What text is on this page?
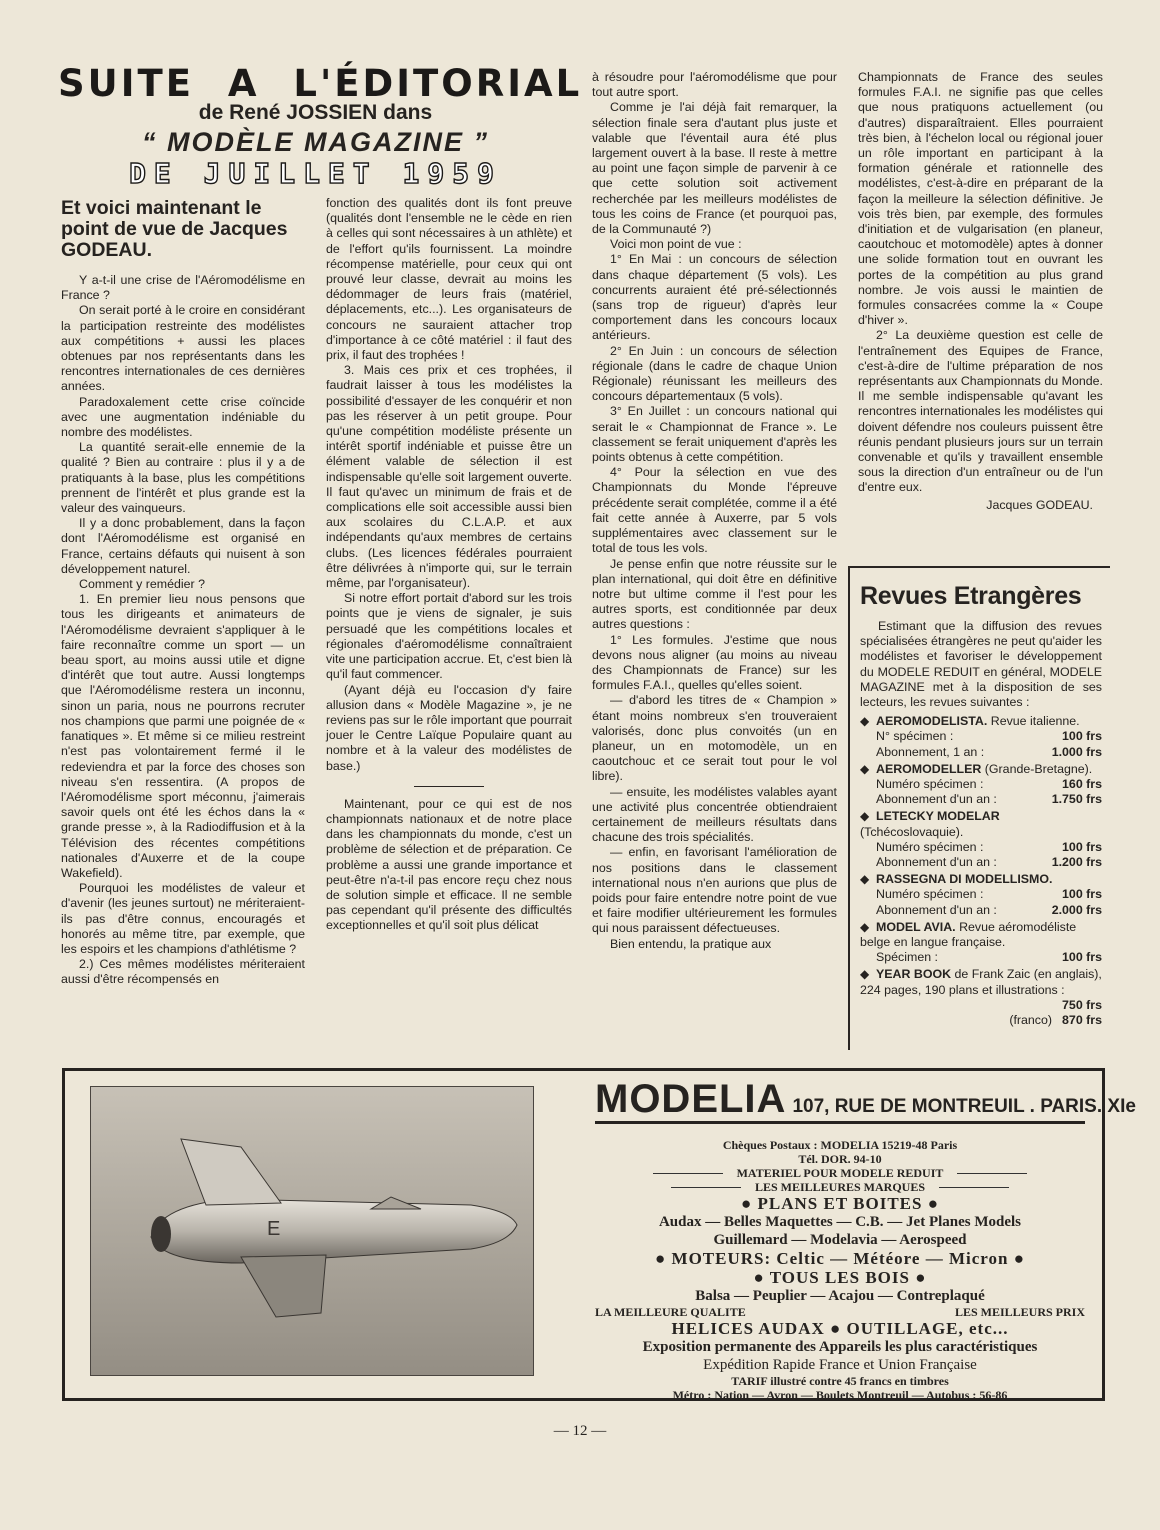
SUITE A L'ÉDITORIAL
de René JOSSIEN dans
“ MODÈLE MAGAZINE ”
DE JUILLET 1959
Et voici maintenant le point de vue de Jacques GODEAU.

Y a-t-il une crise de l'Aéromodélisme en France ?

On serait porté à le croire en considérant la participation restreinte des modélistes aux compétitions + aussi les places obtenues par nos représentants dans les rencontres internationales de ces dernières années.

Paradoxalement cette crise coïncide avec une augmentation indéniable du nombre des modélistes.

La quantité serait-elle ennemie de la qualité ? Bien au contraire : plus il y a de pratiquants à la base, plus les compétitions prennent de l'intérêt et plus grande est la valeur des vainqueurs.

Il y a donc probablement, dans la façon dont l'Aéromodélisme est organisé en France, certains défauts qui nuisent à son développement naturel.

Comment y remédier ?

1. En premier lieu nous pensons que tous les dirigeants et animateurs de l'Aéromodélisme devraient s'appliquer à le faire reconnaître comme un sport — un beau sport, au moins aussi utile et digne d'intérêt que tout autre. Aussi longtemps que l'Aéromodélisme restera un inconnu, sinon un paria, nous ne pourrons recruter nos champions que parmi une poignée de « fanatiques ». Et même si ce milieu restreint n'est pas volontairement fermé il le redeviendra et par la force des choses son niveau s'en ressentira. (A propos de l'Aéromodélisme sport méconnu, j'aimerais savoir quels ont été les échos dans la « grande presse », à la Radiodiffusion et à la Télévision des récentes compétitions nationales d'Auxerre et de la coupe Wakefield).

Pourquoi les modélistes de valeur et d'avenir (les jeunes surtout) ne mériteraient-ils pas d'être connus, encouragés et honorés au même titre, par exemple, que les espoirs et les champions d'athlétisme ?

2.) Ces mêmes modélistes mériteraient aussi d'être récompensés en

fonction des qualités dont ils font preuve (qualités dont l'ensemble ne le cède en rien à celles qui sont nécessaires à un athlète) et de l'effort qu'ils fournissent. La moindre récompense matérielle, pour ceux qui ont prouvé leur classe, devrait au moins les dédommager de leurs frais (matériel, déplacements, etc...). Les organisateurs de concours ne sauraient attacher trop d'importance à ce côté matériel : il faut des prix, il faut des trophées !

3. Mais ces prix et ces trophées, il faudrait laisser à tous les modélistes la possibilité d'essayer de les conquérir et non pas les réserver à un petit groupe. Pour qu'une compétition modéliste présente un intérêt sportif indéniable et puisse être un élément valable de sélection il est indispensable qu'elle soit largement ouverte. Il faut qu'avec un minimum de frais et de complications elle soit accessible aussi bien aux scolaires du C.L.A.P. et aux indépendants qu'aux membres de certains clubs. (Les licences fédérales pourraient être délivrées à n'importe qui, sur le terrain même, par l'organisateur).

Si notre effort portait d'abord sur les trois points que je viens de signaler, je suis persuadé que les compétitions locales et régionales d'aéromodélisme connaîtraient vite une participation accrue. Et, c'est bien là qu'il faut commencer.

(Ayant déjà eu l'occasion d'y faire allusion dans « Modèle Magazine », je ne reviens pas sur le rôle important que pourrait jouer le Centre Laïque Populaire quant au nombre et à la valeur des modélistes de base.)

Maintenant, pour ce qui est de nos championnats nationaux et de notre place dans les championnats du monde, c'est un problème de sélection et de préparation. Ce problème a aussi une grande importance et peut-être n'a-t-il pas encore reçu chez nous de solution simple et efficace. Il ne semble pas cependant qu'il présente des difficultés exceptionnelles et qu'il soit plus délicat

à résoudre pour l'aéromodélisme que pour tout autre sport.

Comme je l'ai déjà fait remarquer, la sélection finale sera d'autant plus juste et valable que l'éventail aura été plus largement ouvert à la base. Il reste à mettre au point une façon simple de parvenir à ce que cette solution soit activement recherchée par les meilleurs modélistes de tous les coins de France (et pourquoi pas, de la Communauté ?)

Voici mon point de vue :

1° En Mai : un concours de sélection dans chaque département (5 vols). Les concurrents auraient été pré-sélectionnés (sans trop de rigueur) d'après leur comportement dans les concours locaux antérieurs.

2° En Juin : un concours de sélection régionale (dans le cadre de chaque Union Régionale) réunissant les meilleurs des concours départementaux (5 vols).

3° En Juillet : un concours national qui serait le « Championnat de France ». Le classement se ferait uniquement d'après les points obtenus à cette compétition.

4° Pour la sélection en vue des Championnats du Monde l'épreuve précédente serait complétée, comme il a été fait cette année à Auxerre, par 5 vols supplémentaires avec classement sur le total de tous les vols.

Je pense enfin que notre réussite sur le plan international, qui doit être en définitive notre but ultime comme il l'est pour les autres sports, est conditionnée par deux autres questions :

1° Les formules. J'estime que nous devons nous aligner (au moins au niveau des Championnats de France) sur les formules F.A.I., quelles qu'elles soient.

— d'abord les titres de « Champion » étant moins nombreux s'en trouveraient valorisés, donc plus convoités (un en planeur, un en motomodèle, un en caoutchouc et ce serait tout pour le vol libre).

— ensuite, les modélistes valables ayant une activité plus concentrée obtiendraient certainement de meilleurs résultats dans chacune des trois spécialités.

— enfin, en favorisant l'amélioration de nos positions dans le classement international nous n'en aurions que plus de poids pour faire entendre notre point de vue et faire modifier ultérieurement les formules qui nous paraissent défectueuses.

Bien entendu, la pratique aux

Championnats de France des seules formules F.A.I. ne signifie pas que celles que nous pratiquons actuellement (ou d'autres) disparaîtraient. Elles pourraient très bien, à l'échelon local ou régional jouer un rôle important en participant à la formation générale et rationnelle des modélistes, c'est-à-dire en préparant de la façon la meilleure la sélection définitive. Je vois très bien, par exemple, des formules d'initiation et de vulgarisation (en planeur, caoutchouc et motomodèle) aptes à donner une solide formation tout en ouvrant les portes de la compétition au plus grand nombre. Je vois aussi le maintien de formules consacrées comme la « Coupe d'hiver ».

2° La deuxième question est celle de l'entraînement des Equipes de France, c'est-à-dire de l'ultime préparation de nos représentants aux Championnats du Monde. Il me semble indispensable qu'avant les rencontres internationales les modélistes qui doivent défendre nos couleurs puissent être réunis pendant plusieurs jours sur un terrain convenable et qu'ils y travaillent ensemble sous la direction d'un entraîneur ou de l'un d'entre eux.

Jacques GODEAU.
Revues Etrangères

Estimant que la diffusion des revues spécialisées étrangères ne peut qu'aider les modélistes et favoriser le développement du MODELE REDUIT en général, MODELE MAGAZINE met à la disposition de ses lecteurs, les revues suivantes :

◆ AEROMODELISTA. Revue italienne.
N° spécimen :	100 frs
Abonnement, 1 an :	1.000 frs
◆ AEROMODELLER (Grande-Bretagne).
Numéro spécimen :	160 frs
Abonnement d'un an :	1.750 frs
◆ LETECKY MODELAR (Tchécoslovaquie).
Numéro spécimen :	100 frs
Abonnement d'un an :	1.200 frs
◆ RASSEGNA DI MODELLISMO.
Numéro spécimen :	100 frs
Abonnement d'un an :	2.000 frs
◆ MODEL AVIA. Revue aéromodéliste belge en langue française.
Spécimen :	100 frs
◆ YEAR BOOK de Frank Zaic (en anglais), 224 pages, 190 plans et illustrations :
750 frs
(franco) 870 frs
E
MODELIA 107, RUE DE MONTREUIL . PARIS. XIe
Chèques Postaux : MODELIA 15219-48 Paris
Tél. DOR. 94-10
MATERIEL POUR MODELE REDUIT
LES MEILLEURES MARQUES
● PLANS ET BOITES ●
Audax — Belles Maquettes — C.B. — Jet Planes Models
Guillemard — Modelavia — Aerospeed
● MOTEURS: Celtic — Météore — Micron ●
● TOUS LES BOIS ●
Balsa — Peuplier — Acajou — Contreplaqué
LA MEILLEURE QUALITE	LES MEILLEURS PRIX
HELICES AUDAX ● OUTILLAGE, etc...
Exposition permanente des Appareils les plus caractéristiques
Expédition Rapide France et Union Française
TARIF illustré contre 45 francs en timbres
Métro : Nation — Avron — Boulets Montreuil — Autobus : 56-86
— 12 —
